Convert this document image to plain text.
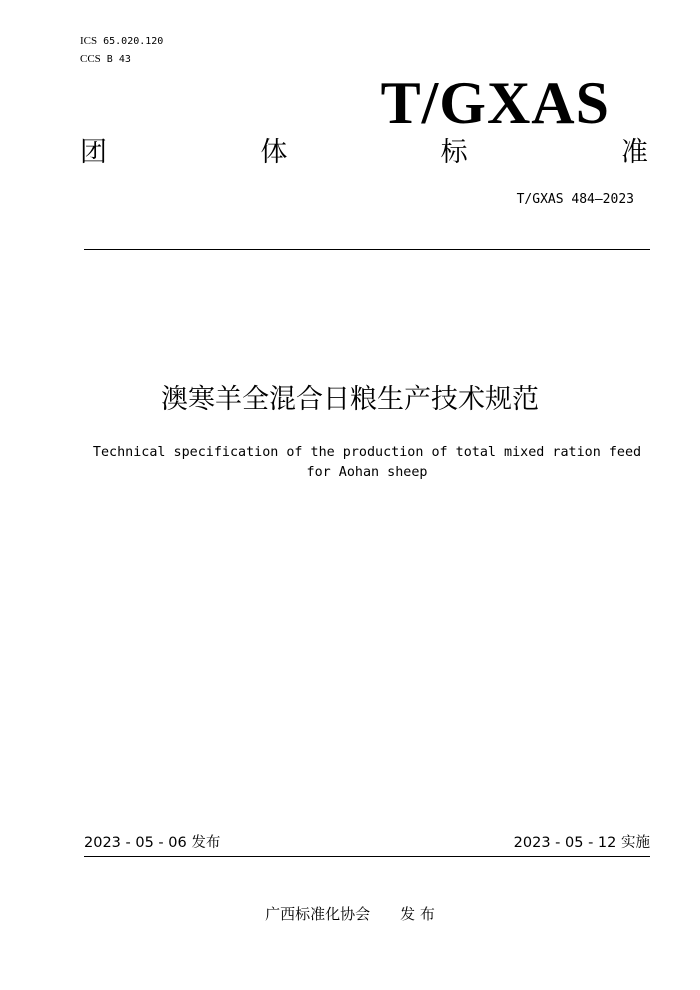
ICS 65.020.120
CCS B 43
T/GXAS
团	体	标	准
T/GXAS 484—2023
澳寒羊全混合日粮生产技术规范
Technical specification of the production of total mixed ration feed for Aohan sheep
2023 - 05 - 06 发布	2023 - 05 - 12 实施
广西标准化协会 发 布
